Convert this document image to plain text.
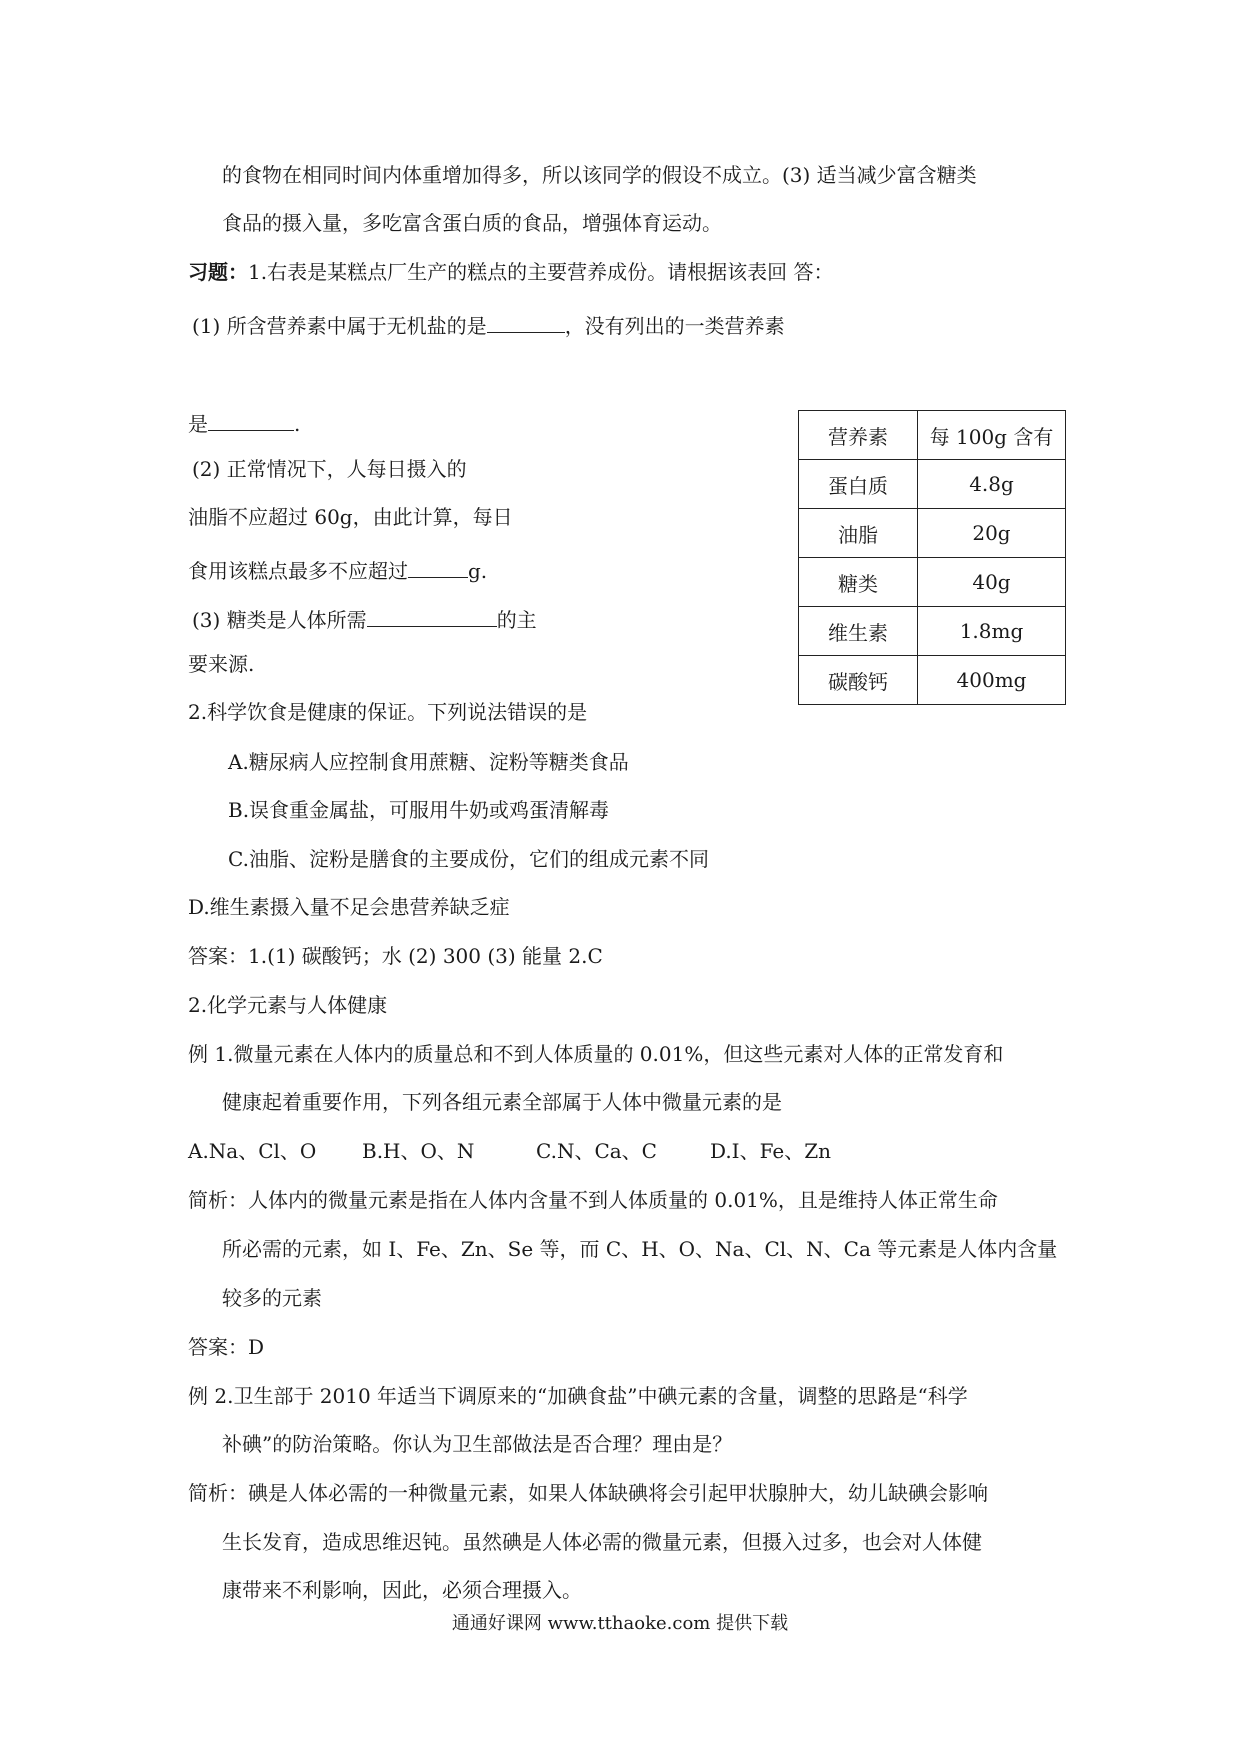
的食物在相同时间内体重增加得多，所以该同学的假设不成立。(3) 适当减少富含糖类
食品的摄入量，多吃富含蛋白质的食品，增强体育运动。
习题：1.右表是某糕点厂生产的糕点的主要营养成份。请根据该表回 答：
(1) 所含营养素中属于无机盐的是	，没有列出的一类营养素
是	.
(2) 正常情况下，人每日摄入的
油脂不应超过 60g，由此计算，每日
食用该糕点最多不应超过	g.
(3) 糖类是人体所需	的主
要来源.
营养素	每 100g 含有
蛋白质	4.8g
油脂	20g
糖类	40g
维生素	1.8mg
碳酸钙	400mg
2.科学饮食是健康的保证。下列说法错误的是
A.糖尿病人应控制食用蔗糖、淀粉等糖类食品
B.误食重金属盐，可服用牛奶或鸡蛋清解毒
C.油脂、淀粉是膳食的主要成份，它们的组成元素不同
D.维生素摄入量不足会患营养缺乏症
答案：1.(1) 碳酸钙；水 (2) 300 (3) 能量 2.C
2.化学元素与人体健康
例 1.微量元素在人体内的质量总和不到人体质量的 0.01%，但这些元素对人体的正常发育和
健康起着重要作用，下列各组元素全部属于人体中微量元素的是
A.Na、Cl、O B.H、O、N	C.N、Ca、C	D.I、Fe、Zn
简析：人体内的微量元素是指在人体内含量不到人体质量的 0.01%，且是维持人体正常生命
所必需的元素，如 I、Fe、Zn、Se 等，而 C、H、O、Na、Cl、N、Ca 等元素是人体内含量
较多的元素
答案：D
例 2.卫生部于 2010 年适当下调原来的“加碘食盐”中碘元素的含量，调整的思路是“科学
补碘”的防治策略。你认为卫生部做法是否合理？理由是？
简析：碘是人体必需的一种微量元素，如果人体缺碘将会引起甲状腺肿大，幼儿缺碘会影响
生长发育，造成思维迟钝。虽然碘是人体必需的微量元素，但摄入过多，也会对人体健
康带来不利影响，因此，必须合理摄入。
通通好课网 www.tthaoke.com 提供下载
